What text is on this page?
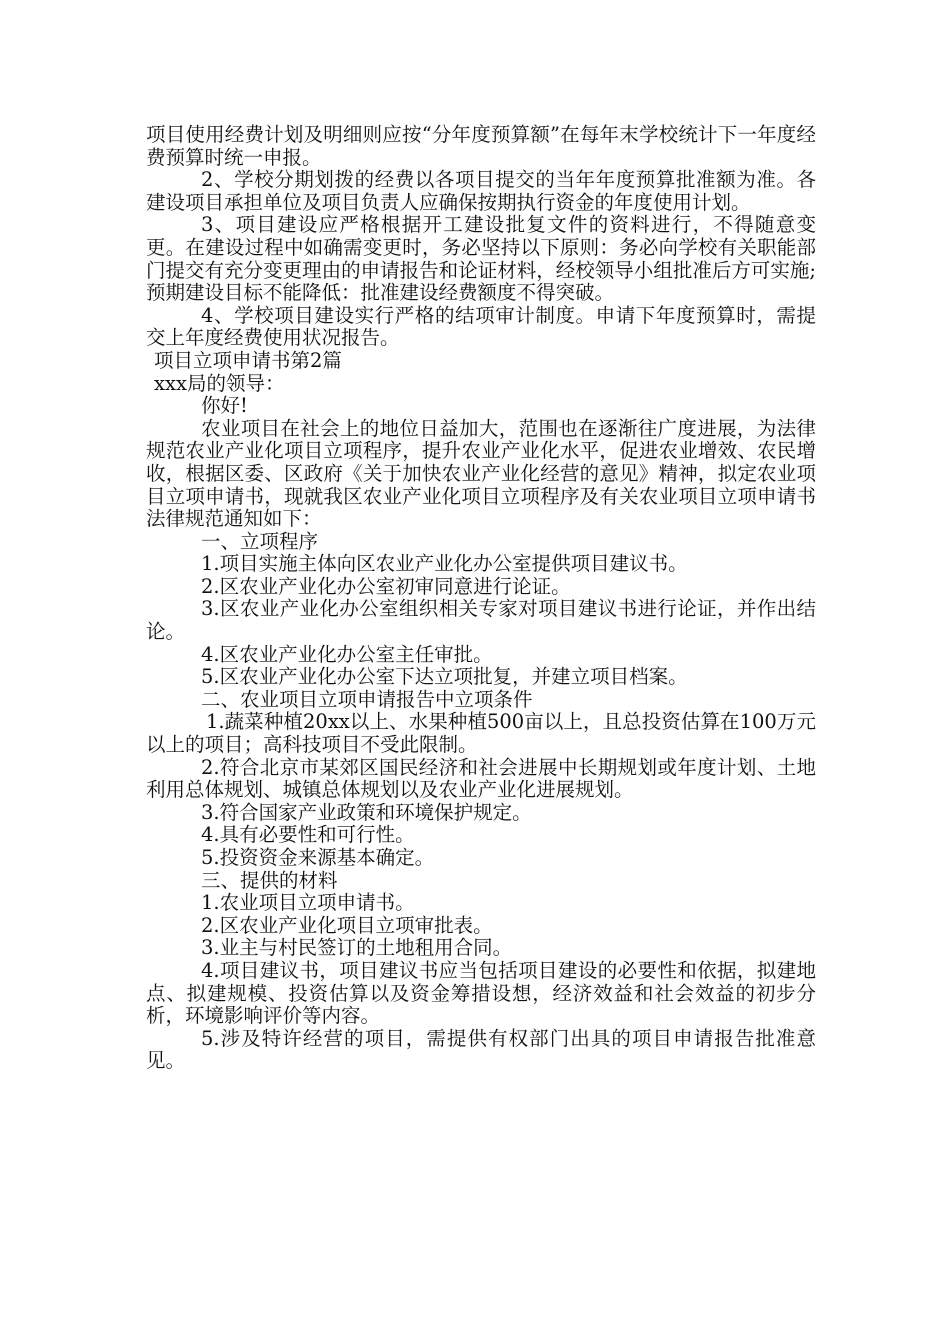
项目使用经费计划及明细则应按“分年度预算额”在每年末学校统计下一年度经费预算时统一申报。

2、学校分期划拨的经费以各项目提交的当年年度预算批准额为准。各建设项目承担单位及项目负责人应确保按期执行资金的年度使用计划。

3、项目建设应严格根据开工建设批复文件的资料进行，不得随意变更。在建设过程中如确需变更时，务必坚持以下原则：务必向学校有关职能部门提交有充分变更理由的申请报告和论证材料，经校领导小组批准后方可实施;预期建设目标不能降低：批准建设经费额度不得突破。

4、学校项目建设实行严格的结项审计制度。申请下年度预算时，需提交上年度经费使用状况报告。

项目立项申请书第2篇

xxx局的领导：

你好!

农业项目在社会上的地位日益加大，范围也在逐渐往广度进展，为法律规范农业产业化项目立项程序，提升农业产业化水平，促进农业增效、农民增收，根据区委、区政府《关于加快农业产业化经营的意见》精神，拟定农业项目立项申请书，现就我区农业产业化项目立项程序及有关农业项目立项申请书法律规范通知如下：

一、立项程序

1.项目实施主体向区农业产业化办公室提供项目建议书。

2.区农业产业化办公室初审同意进行论证。

3.区农业产业化办公室组织相关专家对项目建议书进行论证，并作出结论。

4.区农业产业化办公室主任审批。

5.区农业产业化办公室下达立项批复，并建立项目档案。

二、农业项目立项申请报告中立项条件

1.蔬菜种植20xx以上、水果种植500亩以上，且总投资估算在100万元以上的项目；高科技项目不受此限制。

2.符合北京市某郊区国民经济和社会进展中长期规划或年度计划、土地利用总体规划、城镇总体规划以及农业产业化进展规划。

3.符合国家产业政策和环境保护规定。

4.具有必要性和可行性。

5.投资资金来源基本确定。

三、提供的材料

1.农业项目立项申请书。

2.区农业产业化项目立项审批表。

3.业主与村民签订的土地租用合同。

4.项目建议书，项目建议书应当包括项目建设的必要性和依据，拟建地点、拟建规模、投资估算以及资金筹措设想，经济效益和社会效益的初步分析，环境影响评价等内容。

5.涉及特许经营的项目，需提供有权部门出具的项目申请报告批准意见。
